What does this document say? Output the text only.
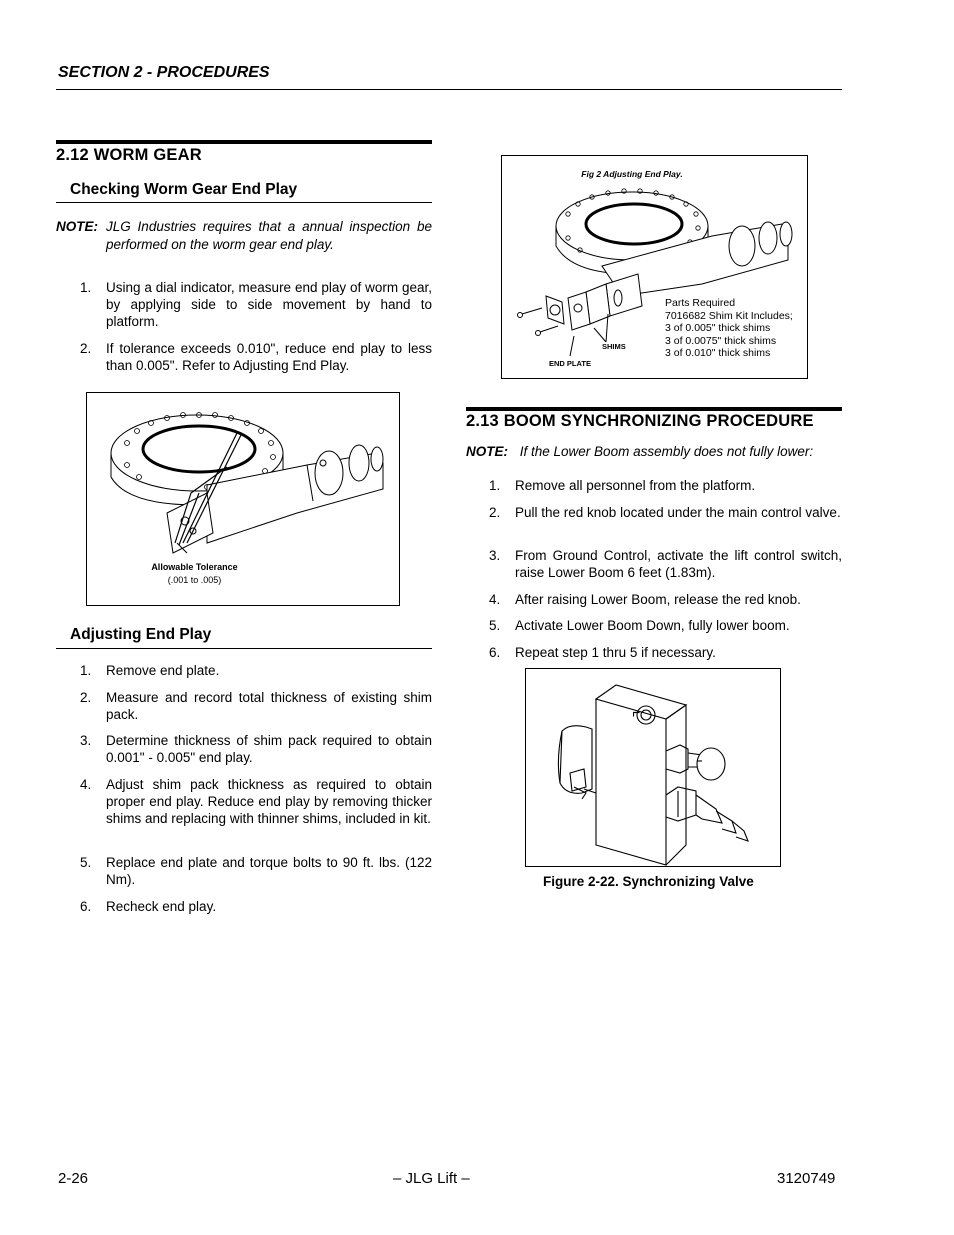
SECTION 2 - PROCEDURES
2.12 WORM GEAR
Checking Worm Gear End Play
NOTE: JLG Industries requires that a annual inspection be performed on the worm gear end play.
1. Using a dial indicator, measure end play of worm gear, by applying side to side movement by hand to platform.
2. If tolerance exceeds 0.010", reduce end play to less than 0.005". Refer to Adjusting End Play.
Allowable Tolerance
(.001 to .005)
Adjusting End Play
1. Remove end plate.
2. Measure and record total thickness of existing shim pack.
3. Determine thickness of shim pack required to obtain 0.001" - 0.005" end play.
4. Adjust shim pack thickness as required to obtain proper end play. Reduce end play by removing thicker shims and replacing with thinner shims, included in kit.
5. Replace end plate and torque bolts to 90 ft. lbs. (122 Nm).
6. Recheck end play.
Fig 2 Adjusting End Play.
SHIMS
END PLATE
Parts Required
7016682 Shim Kit Includes;
3 of 0.005" thick shims
3 of 0.0075" thick shims
3 of 0.010" thick shims
2.13 BOOM SYNCHRONIZING PROCEDURE
NOTE: If the Lower Boom assembly does not fully lower:
1. Remove all personnel from the platform.
2. Pull the red knob located under the main control valve.
3. From Ground Control, activate the lift control switch, raise Lower Boom 6 feet (1.83m).
4. After raising Lower Boom, release the red knob.
5. Activate Lower Boom Down, fully lower boom.
6. Repeat step 1 thru 5 if necessary.
L
Figure 2-22. Synchronizing Valve
2-26	– JLG Lift –	3120749
